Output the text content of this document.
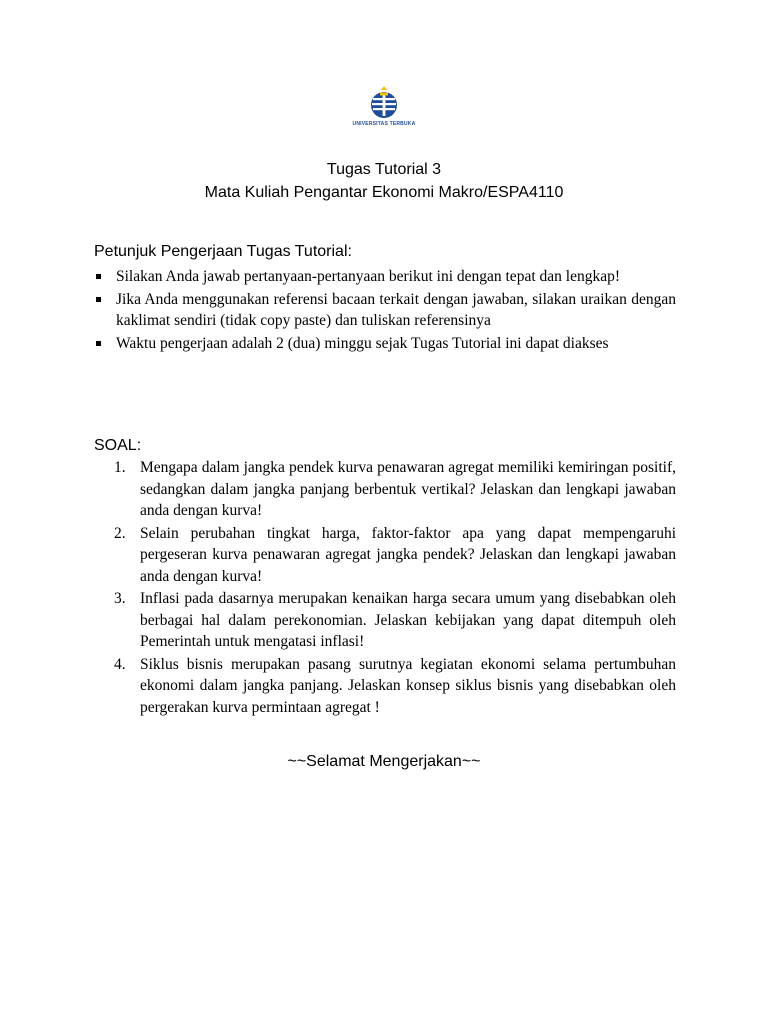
UNIVERSITAS TERBUKA
Tugas Tutorial 3
Mata Kuliah Pengantar Ekonomi Makro/ESPA4110
Petunjuk Pengerjaan Tugas Tutorial:
Silakan Anda jawab pertanyaan-pertanyaan berikut ini dengan tepat dan lengkap!
Jika Anda menggunakan referensi bacaan terkait dengan jawaban, silakan uraikan dengan kaklimat sendiri (tidak copy paste) dan tuliskan referensinya
Waktu pengerjaan adalah 2 (dua) minggu sejak Tugas Tutorial ini dapat diakses
SOAL:
1. Mengapa dalam jangka pendek kurva penawaran agregat memiliki kemiringan positif, sedangkan dalam jangka panjang berbentuk vertikal? Jelaskan dan lengkapi jawaban anda dengan kurva!
2. Selain perubahan tingkat harga, faktor-faktor apa yang dapat mempengaruhi pergeseran kurva penawaran agregat jangka pendek? Jelaskan dan lengkapi jawaban anda dengan kurva!
3. Inflasi pada dasarnya merupakan kenaikan harga secara umum yang disebabkan oleh berbagai hal dalam perekonomian. Jelaskan kebijakan yang dapat ditempuh oleh Pemerintah untuk mengatasi inflasi!
4. Siklus bisnis merupakan pasang surutnya kegiatan ekonomi selama pertumbuhan ekonomi dalam jangka panjang. Jelaskan konsep siklus bisnis yang disebabkan oleh pergerakan kurva permintaan agregat !
~~Selamat Mengerjakan~~
